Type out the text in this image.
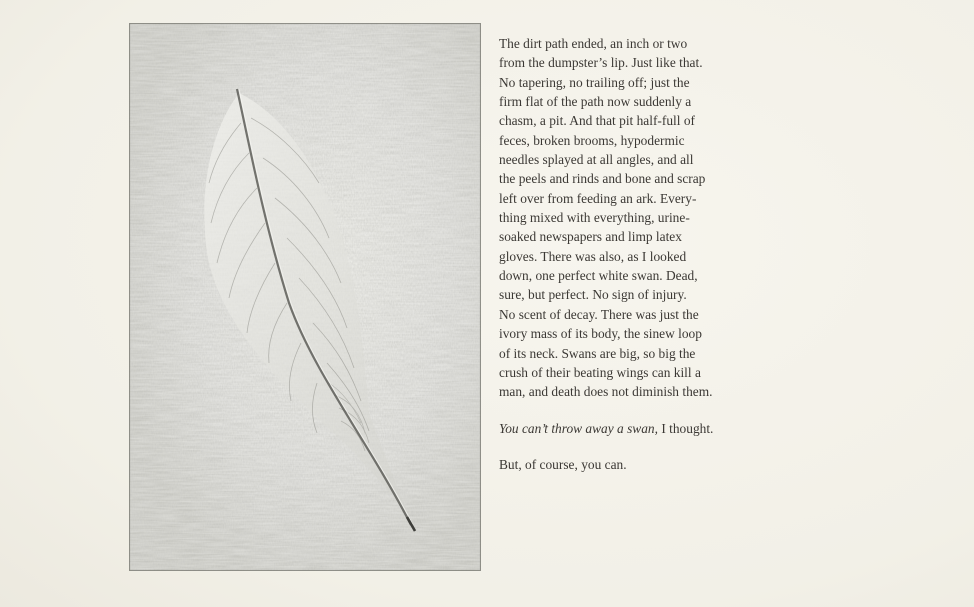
The dirt path ended, an inch or two
from the dumpster’s lip. Just like that.
No tapering, no trailing off; just the
firm flat of the path now suddenly a
chasm, a pit. And that pit half-full of
feces, broken brooms, hypodermic
needles splayed at all angles, and all
the peels and rinds and bone and scrap
left over from feeding an ark. Every-
thing mixed with everything, urine-
soaked newspapers and limp latex
gloves. There was also, as I looked
down, one perfect white swan. Dead,
sure, but perfect. No sign of injury.
No scent of decay. There was just the
ivory mass of its body, the sinew loop
of its neck. Swans are big, so big the
crush of their beating wings can kill a
man, and death does not diminish them.
You can’t throw away a swan, I thought.
But, of course, you can.
